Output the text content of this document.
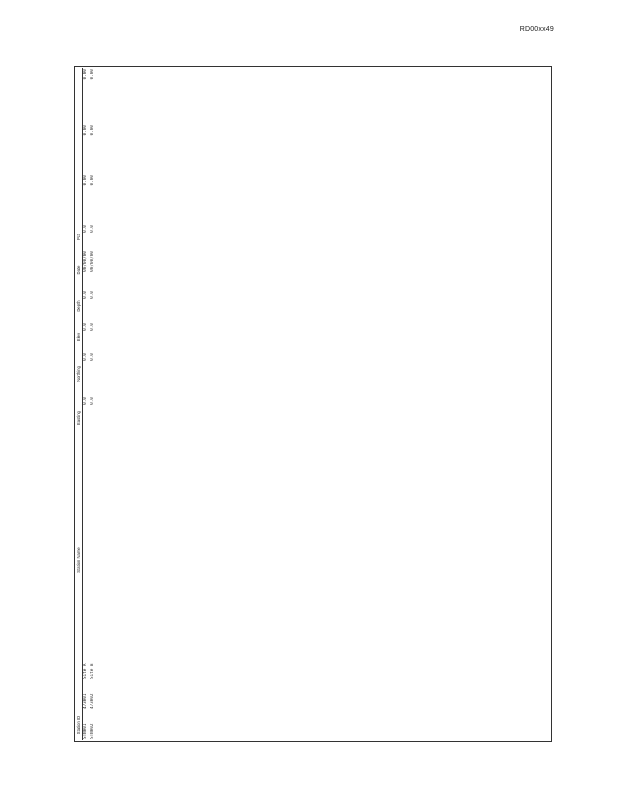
RD00xx49
Station ID		Station Name	Easting	Northing	Elev	Depth	Date	Pct			
STN001	473001	Site A	0.0	0.0	0.0	0.0	00/00/00	0.0	0.00	0.00	0.00
STN002	473002	Site B	0.0	0.0	0.0	0.0	00/00/00	0.0	0.00	0.00	0.00
